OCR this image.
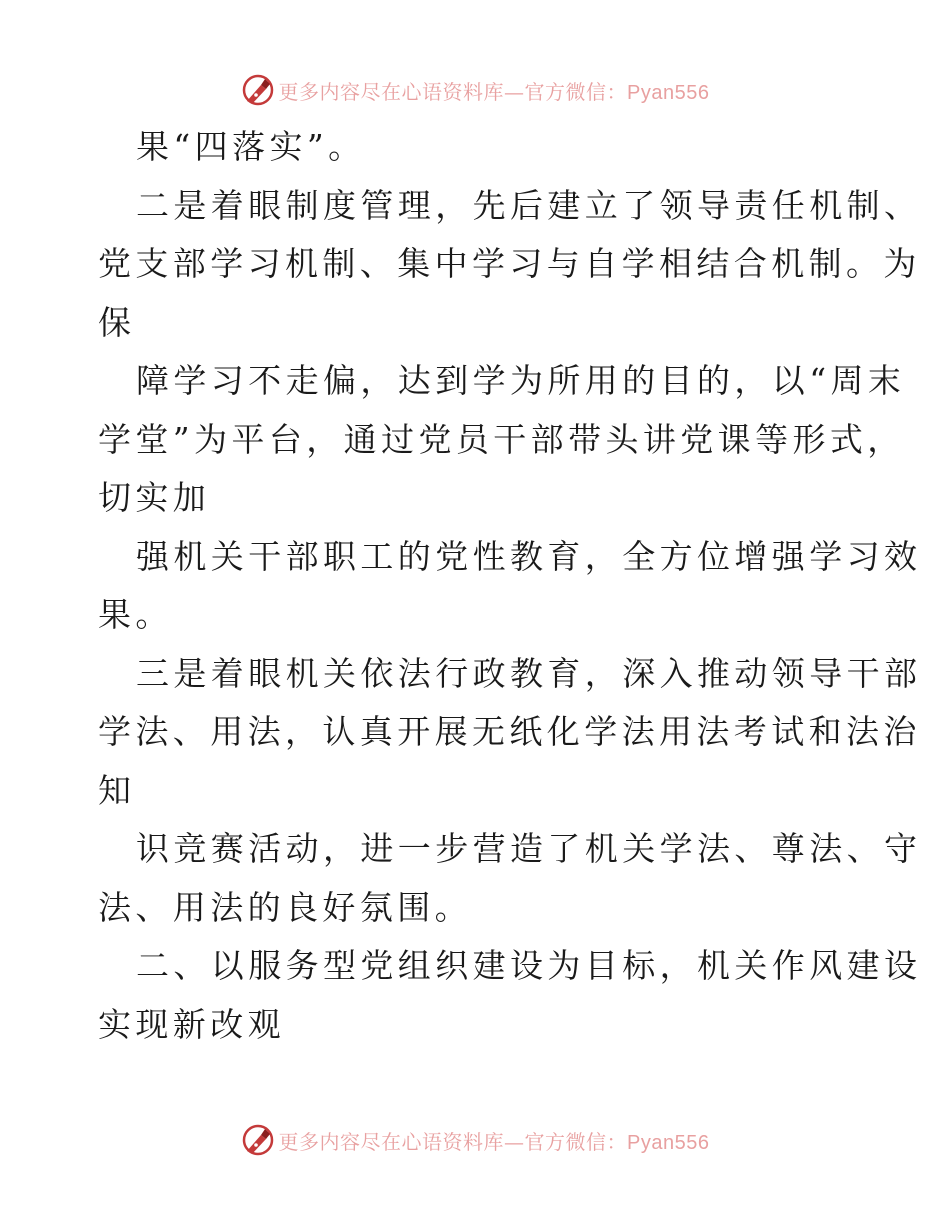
更多内容尽在心语资料库—官方微信：Pyan556
果“四落实”。
二是着眼制度管理，先后建立了领导责任机制、
党支部学习机制、集中学习与自学相结合机制。为
保
障学习不走偏，达到学为所用的目的，以“周末
学堂”为平台，通过党员干部带头讲党课等形式，
切实加
强机关干部职工的党性教育，全方位增强学习效
果。
三是着眼机关依法行政教育，深入推动领导干部
学法、用法，认真开展无纸化学法用法考试和法治
知
识竞赛活动，进一步营造了机关学法、尊法、守
法、用法的良好氛围。
二、以服务型党组织建设为目标，机关作风建设
实现新改观
更多内容尽在心语资料库—官方微信：Pyan556
